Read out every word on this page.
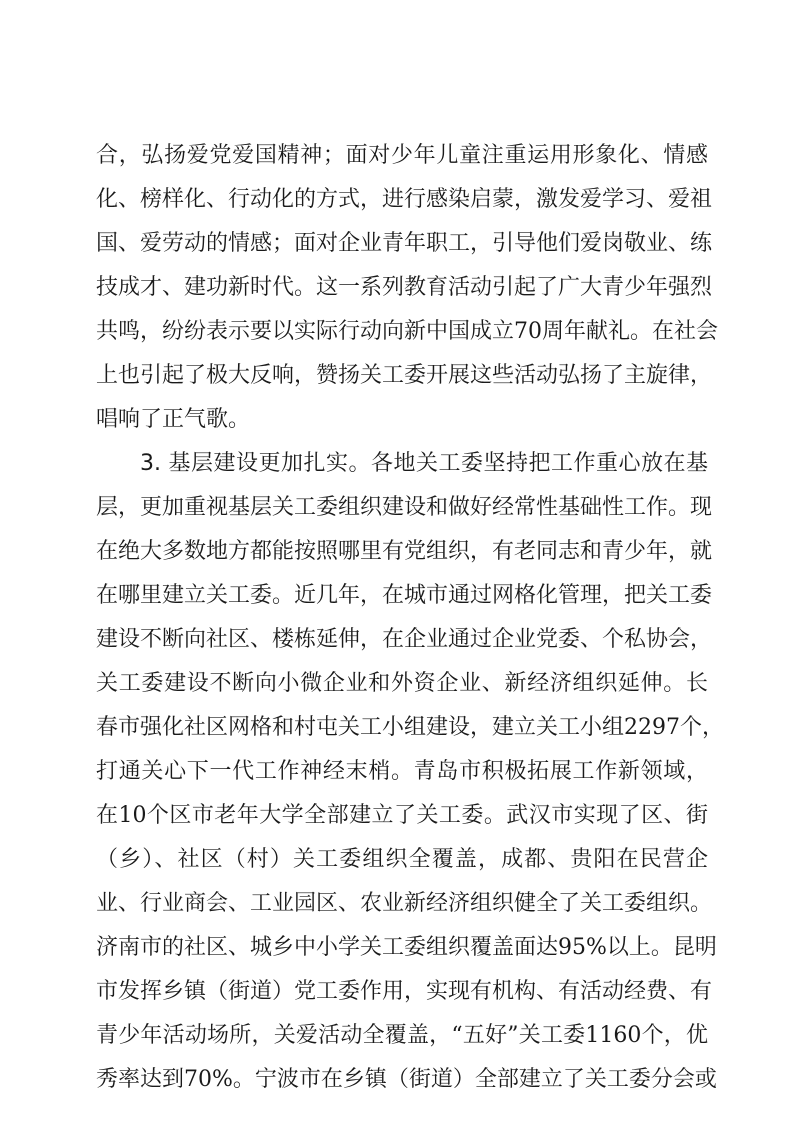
合，弘扬爱党爱国精神；面对少年儿童注重运用形象化、情感
化、榜样化、行动化的方式，进行感染启蒙，激发爱学习、爱祖
国、爱劳动的情感；面对企业青年职工，引导他们爱岗敬业、练
技成才、建功新时代。这一系列教育活动引起了广大青少年强烈
共鸣，纷纷表示要以实际行动向新中国成立70周年献礼。在社会
上也引起了极大反响，赞扬关工委开展这些活动弘扬了主旋律，
唱响了正气歌。
3. 基层建设更加扎实。各地关工委坚持把工作重心放在基
层，更加重视基层关工委组织建设和做好经常性基础性工作。现
在绝大多数地方都能按照哪里有党组织，有老同志和青少年，就
在哪里建立关工委。近几年，在城市通过网格化管理，把关工委
建设不断向社区、楼栋延伸，在企业通过企业党委、个私协会，
关工委建设不断向小微企业和外资企业、新经济组织延伸。长
春市强化社区网格和村屯关工小组建设，建立关工小组2297个，
打通关心下一代工作神经末梢。青岛市积极拓展工作新领域，
在10个区市老年大学全部建立了关工委。武汉市实现了区、街
（乡）、社区（村）关工委组织全覆盖，成都、贵阳在民营企
业、行业商会、工业园区、农业新经济组织健全了关工委组织。
济南市的社区、城乡中小学关工委组织覆盖面达95%以上。昆明
市发挥乡镇（街道）党工委作用，实现有机构、有活动经费、有
青少年活动场所，关爱活动全覆盖，“五好”关工委1160个，优
秀率达到70%。宁波市在乡镇（街道）全部建立了关工委分会或
